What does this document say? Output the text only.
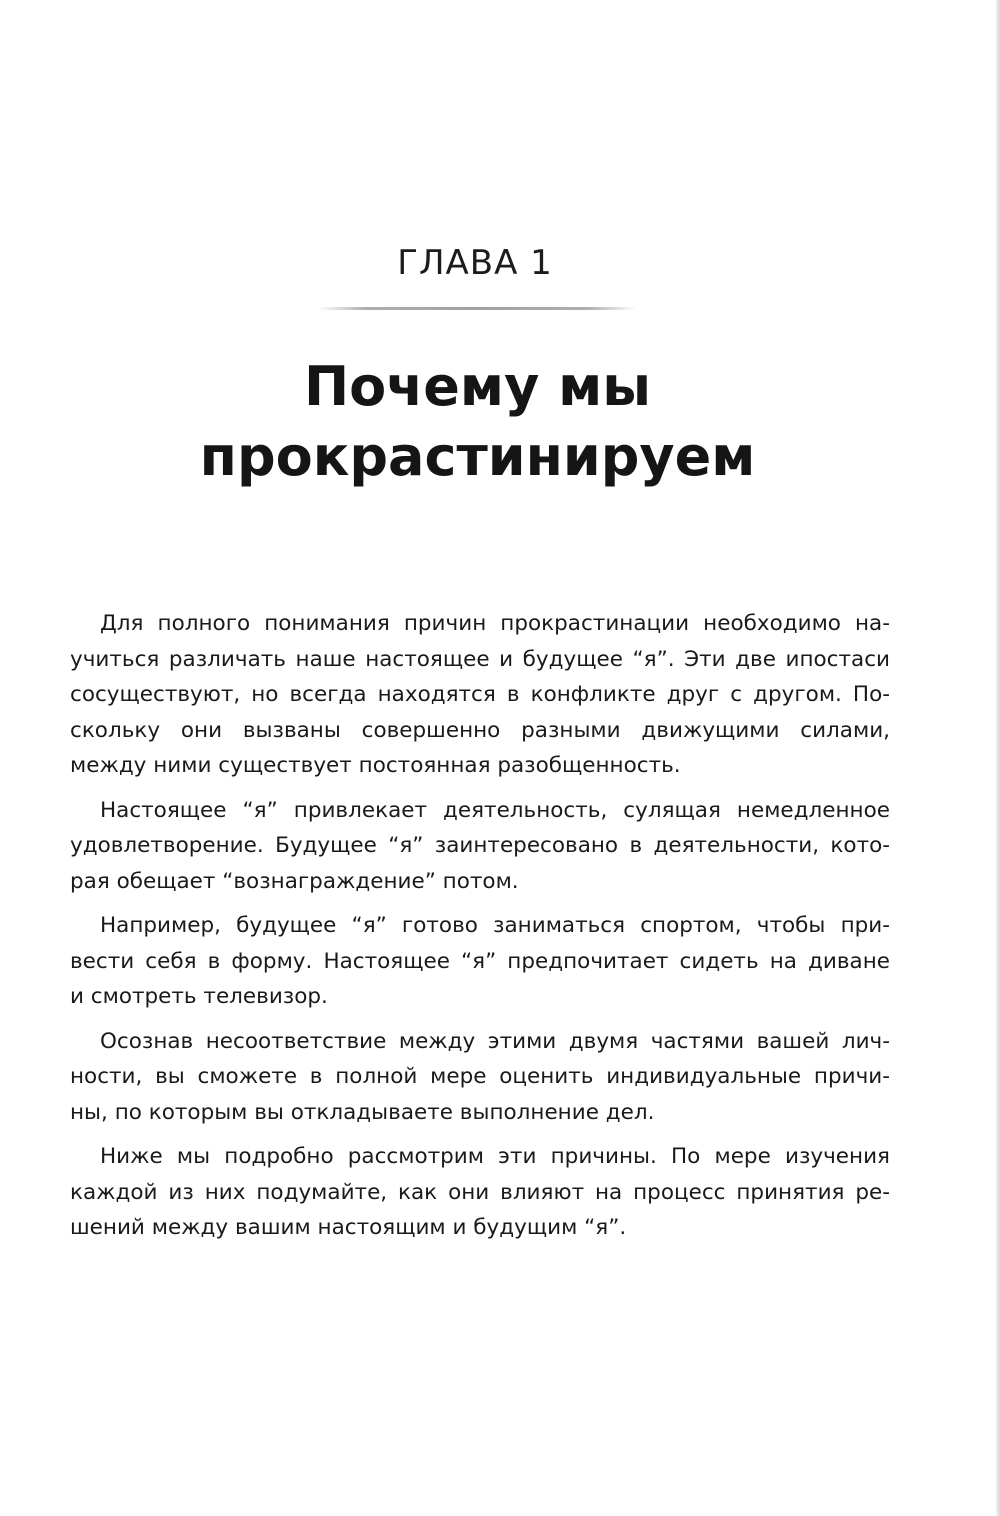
ГЛАВА 1
Почему мы
прокрастинируем

Для полного понимания причин прокрастинации необходимо на-
учиться различать наше настоящее и будущее “я”. Эти две ипостаси
сосуществуют, но всегда находятся в конфликте друг с другом. По-
скольку они вызваны совершенно разными движущими силами,
между ними существует постоянная разобщенность.

Настоящее “я” привлекает деятельность, сулящая немедленное
удовлетворение. Будущее “я” заинтересовано в деятельности, кото-
рая обещает “вознаграждение” потом.

Например, будущее “я” готово заниматься спортом, чтобы при-
вести себя в форму. Настоящее “я” предпочитает сидеть на диване
и смотреть телевизор.

Осознав несоответствие между этими двумя частями вашей лич-
ности, вы сможете в полной мере оценить индивидуальные причи-
ны, по которым вы откладываете выполнение дел.

Ниже мы подробно рассмотрим эти причины. По мере изучения
каждой из них подумайте, как они влияют на процесс принятия ре-
шений между вашим настоящим и будущим “я”.
